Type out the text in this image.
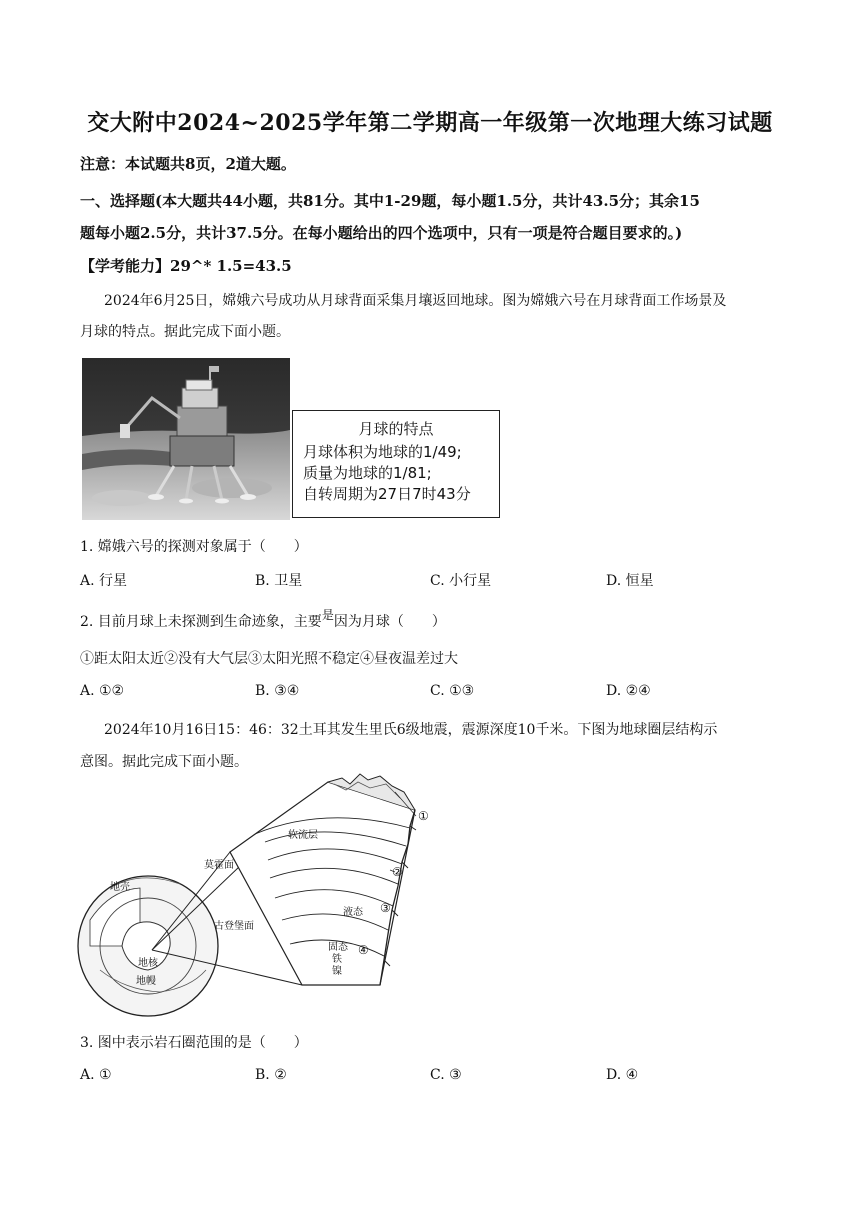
交大附中2024~2025学年第二学期高一年级第一次地理大练习试题
注意：本试题共8页，2道大题。
一、选择题(本大题共44小题，共81分。其中1-29题，每小题1.5分，共计43.5分；其余15
题每小题2.5分，共计37.5分。在每小题给出的四个选项中，只有一项是符合题目要求的。)
【学考能力】29^* 1.5=43.5
2024年6月25日，嫦娥六号成功从月球背面采集月壤返回地球。图为嫦娥六号在月球背面工作场景及
月球的特点。据此完成下面小题。
月球的特点
月球体积为地球的1/49;
质量为地球的1/81;
自转周期为27日7时43分
1. 嫦娥六号的探测对象属于（　　）
A. 行星	B. 卫星	C. 小行星	D. 恒星
2. 目前月球上未探测到生命迹象，主要是因为月球（　　）
①距太阳太近②没有大气层③太阳光照不稳定④昼夜温差过大
A. ①②	B. ③④	C. ①③	D. ②④
2024年10月16日15：46：32土耳其发生里氏6级地震，震源深度10千米。下图为地球圈层结构示
意图。据此完成下面小题。
地壳
地核
地幔
莫霍面
古登堡面
软流层
液态
固态
铁
镍
①
②
③
④
3. 图中表示岩石圈范围的是（　　）
A. ①	B. ②	C. ③	D. ④
